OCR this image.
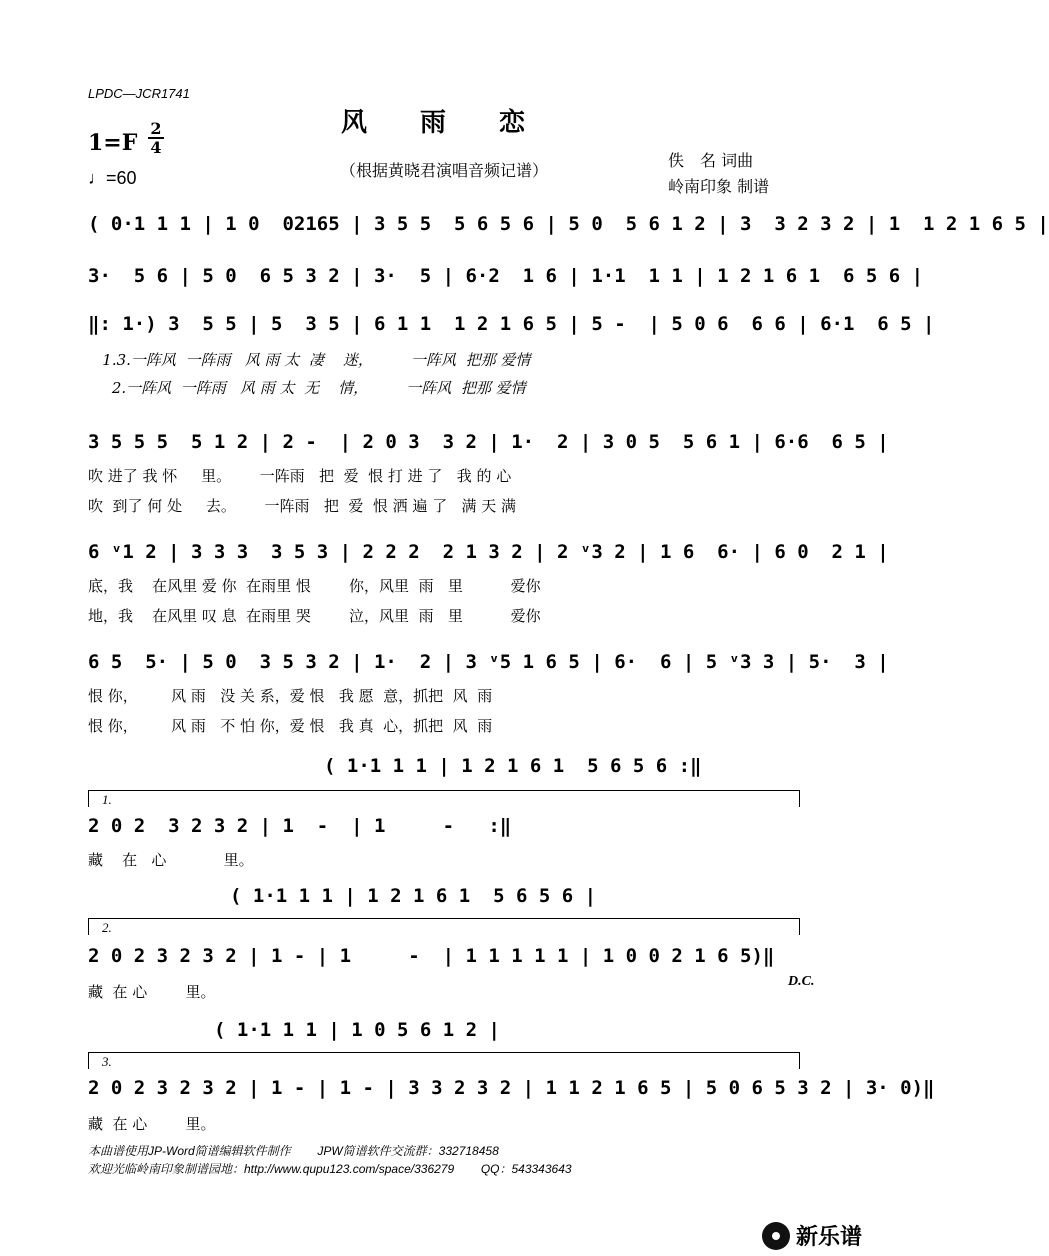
LPDC—JCR1741
风 雨 恋
1=F
2
4
（根据黄晓君演唱音频记谱）
♩=60
佚　名 词曲
岭南印象 制谱
( 0·1 1 1 | 1 0  02165 | 3 5 5  5 6 5 6 | 5 0  5 6 1 2 | 3  3 2 3 2 | 1  1 2 1 6 5 |
3·  5 6 | 5 0  6 5 3 2 | 3·  5 | 6·2  1 6 | 1·1  1 1 | 1 2 1 6 1  6 5 6 |
‖: 1·) 3  5 5 | 5  3 5 | 6 1 1  1 2 1 6 5 | 5 -  | 5 0 6  6 6 | 6·1  6 5 |
1.3.一阵风  一阵雨   风 雨 太  凄    迷，        一阵风  把那 爱情
2.一阵风  一阵雨   风 雨 太  无    情，        一阵风  把那 爱情
3 5 5 5  5 1 2 | 2 -  | 2 0 3  3 2 | 1·  2 | 3 0 5  5 6 1 | 6·6  6 5 |
吹 进了 我 怀     里。      一阵雨   把  爱  恨 打 进 了   我 的 心
吹  到了 何 处     去。      一阵雨   把  爱  恨 洒 遍 了   满 天 满
6 ᵛ1 2 | 3 3 3  3 5 3 | 2 2 2  2 1 3 2 | 2 ᵛ3 2 | 1 6  6· | 6 0  2 1 |
底，我    在风里 爱 你  在雨里 恨        你，风里  雨   里          爱你
地，我    在风里 叹 息  在雨里 哭        泣，风里  雨   里          爱你
6 5  5· | 5 0  3 5 3 2 | 1·  2 | 3 ᵛ5 1 6 5 | 6·  6 | 5 ᵛ3 3 | 5·  3 |
恨 你，       风 雨   没 关 系，爱 恨   我 愿  意，抓把  风  雨
恨 你，       风 雨   不 怕 你，爱 恨   我 真  心，抓把  风  雨
( 1·1 1 1 | 1 2 1 6 1  5 6 5 6 :‖
1.
2 0 2  3 2 3 2 | 1  -  | 1     -   :‖
藏    在   心            里。
( 1·1 1 1 | 1 2 1 6 1  5 6 5 6 |
2.
2 0 2 3 2 3 2 | 1 - | 1     -  | 1 1 1 1 1 | 1 0 0 2 1 6 5)‖
藏  在 心        里。
D.C.
( 1·1 1 1 | 1 0 5 6 1 2 |
3.
2 0 2 3 2 3 2 | 1 - | 1 - | 3 3 2 3 2 | 1 1 2 1 6 5 | 5 0 6 5 3 2 | 3· 0)‖
藏  在 心        里。
本曲谱使用JP-Word简谱编辑软件制作        JPW简谱软件交流群：332718458
欢迎光临岭南印象制谱园地：http://www.qupu123.com/space/336279        QQ：543343643
新乐谱
